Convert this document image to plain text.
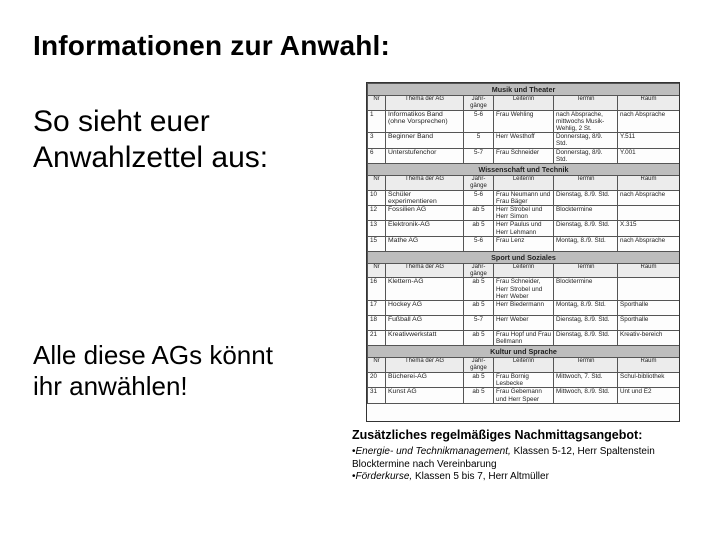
Informationen zur Anwahl:
So sieht euer
Anwahlzettel aus:
Alle diese AGs könnt
ihr anwählen!
Musik und Theater					
Nr	Thema der AG	Jahr-gänge	Leiter/in	Termin	Raum
1	Informatikos Band (ohne Vorsprechen)	5-6	Frau Wehling	nach Absprache, mittwochs Musik-Wehlig, 2 St.	nach Absprache
3	Beginner Band	5	Herr Westhoff	Donnerstag, 8/9. Std.	Y.511
6	Unterstufenchor	5-7	Frau Schneider	Donnerstag, 8/9. Std.	Y.001
Wissenschaft und Technik					
Nr	Thema der AG	Jahr-gänge	Leiter/in	Termin	Raum
10	Schüler experimentieren	5-6	Frau Neumann und Frau Bäger	Dienstag, 8./9. Std.	nach Absprache
12	Fossilien AG	ab 5	Herr Strobel und Herr Simon	Blocktermine	
13	Elektronik-AG	ab 5	Herr Paulus und Herr Lehmann	Dienstag, 8./9. Std.	X.315
15	Mathe AG	5-6	Frau Lenz	Montag, 8./9. Std.	nach Absprache
Sport und Soziales					
Nr	Thema der AG	Jahr-gänge	Leiter/in	Termin	Raum
16	Klettern-AG	ab 5	Frau Schneider, Herr Strobel und Herr Weber	Blocktermine	
17	Hockey AG	ab 5	Herr Biedermann	Montag, 8./9. Std.	Sporthalle
18	Fußball AG	5-7	Herr Weber	Dienstag, 8./9. Std.	Sporthalle
21	Kreativwerkstatt	ab 5	Frau Hopf und Frau Bellmann	Dienstag, 8./9. Std.	Kreativ-bereich
Kultur und Sprache					
Nr	Thema der AG	Jahr-gänge	Leiter/in	Termin	Raum
20	Bücherei-AG	ab 5	Frau Bornig Lesbecke	Mittwoch, 7. Std.	Schul-bibliothek
31	Kunst AG	ab 5	Frau Gebemann und Herr Speer	Mittwoch, 8./9. Std.	Unt und E2
Zusätzliches regelmäßiges Nachmittagsangebot:
•Energie- und Technikmanagement, Klassen 5-12, Herr Spaltenstein
Blocktermine nach Vereinbarung
•Förderkurse, Klassen 5 bis 7, Herr Altmüller
